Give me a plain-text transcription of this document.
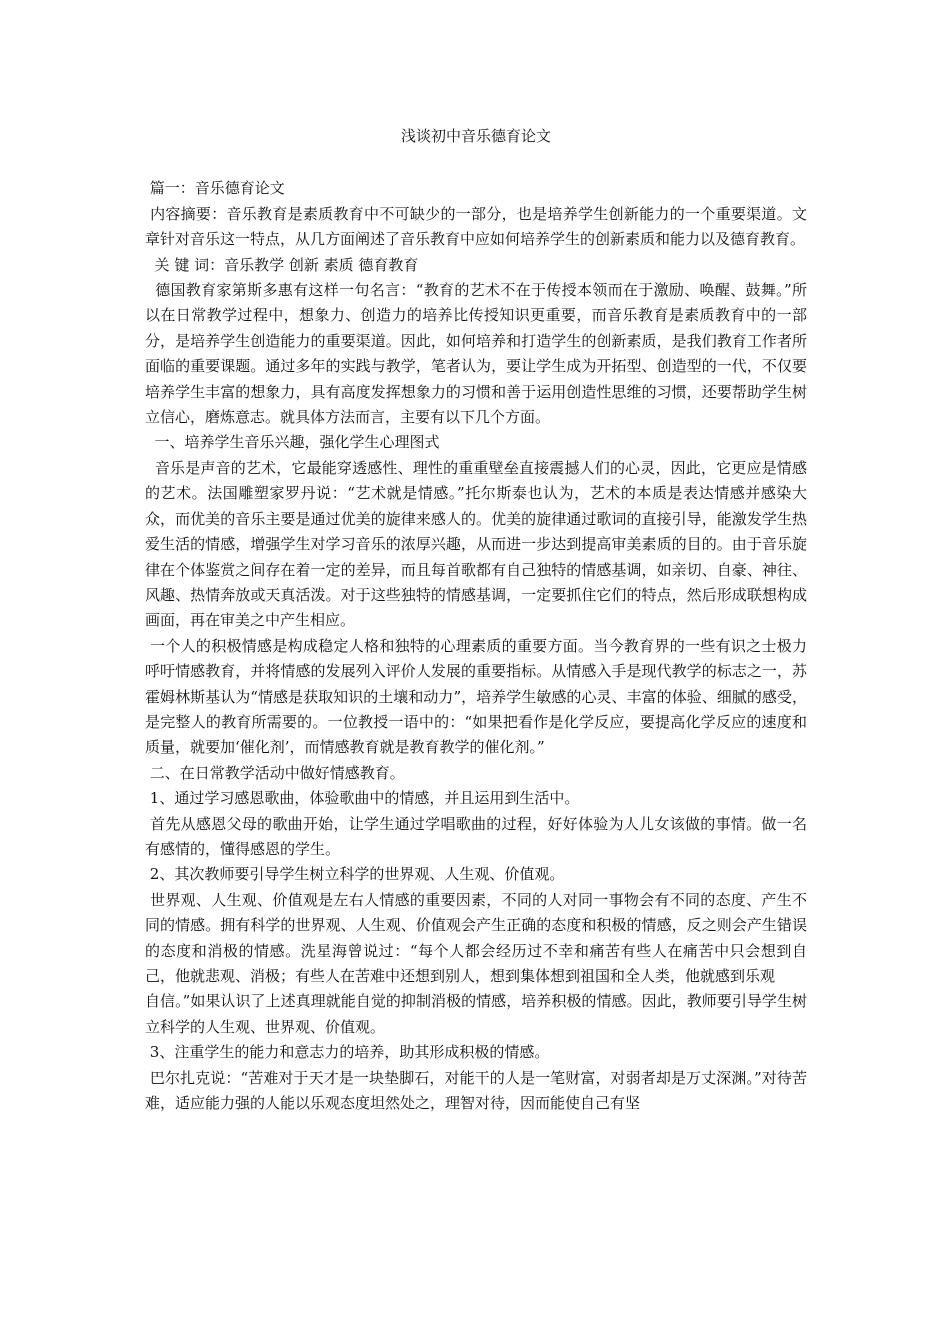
浅谈初中音乐德育论文

篇一：音乐德育论文

内容摘要：音乐教育是素质教育中不可缺少的一部分，也是培养学生创新能力的一个重要渠道。文章针对音乐这一特点，从几方面阐述了音乐教育中应如何培养学生的创新素质和能力以及德育教育。

关 键 词：音乐教学 创新 素质 德育教育

德国教育家第斯多惠有这样一句名言：“教育的艺术不在于传授本领而在于激励、唤醒、鼓舞。”所以在日常教学过程中，想象力、创造力的培养比传授知识更重要，而音乐教育是素质教育中的一部分，是培养学生创造能力的重要渠道。因此，如何培养和打造学生的创新素质，是我们教育工作者所面临的重要课题。通过多年的实践与教学，笔者认为，要让学生成为开拓型、创造型的一代，不仅要培养学生丰富的想象力，具有高度发挥想象力的习惯和善于运用创造性思维的习惯，还要帮助学生树立信心，磨炼意志。就具体方法而言，主要有以下几个方面。

一、培养学生音乐兴趣，强化学生心理图式

音乐是声音的艺术，它最能穿透感性、理性的重重壁垒直接震撼人们的心灵，因此，它更应是情感的艺术。法国雕塑家罗丹说：“艺术就是情感。”托尔斯泰也认为，艺术的本质是表达情感并感染大众，而优美的音乐主要是通过优美的旋律来感人的。优美的旋律通过歌词的直接引导，能激发学生热爱生活的情感，增强学生对学习音乐的浓厚兴趣，从而进一步达到提高审美素质的目的。由于音乐旋律在个体鉴赏之间存在着一定的差异，而且每首歌都有自己独特的情感基调，如亲切、自豪、神往、风趣、热情奔放或天真活泼。对于这些独特的情感基调，一定要抓住它们的特点，然后形成联想构成画面，再在审美之中产生相应。

一个人的积极情感是构成稳定人格和独特的心理素质的重要方面。当今教育界的一些有识之士极力呼吁情感教育，并将情感的发展列入评价人发展的重要指标。从情感入手是现代教学的标志之一，苏霍姆林斯基认为“情感是获取知识的土壤和动力”，培养学生敏感的心灵、丰富的体验、细腻的感受，是完整人的教育所需要的。一位教授一语中的：“如果把看作是化学反应，要提高化学反应的速度和质量，就要加‘催化剂’，而情感教育就是教育教学的催化剂。”

二、在日常教学活动中做好情感教育。

1、通过学习感恩歌曲，体验歌曲中的情感，并且运用到生活中。

首先从感恩父母的歌曲开始，让学生通过学唱歌曲的过程，好好体验为人儿女该做的事情。做一名有感情的，懂得感恩的学生。

2、其次教师要引导学生树立科学的世界观、人生观、价值观。

世界观、人生观、价值观是左右人情感的重要因素，不同的人对同一事物会有不同的态度、产生不同的情感。拥有科学的世界观、人生观、价值观会产生正确的态度和积极的情感，反之则会产生错误的态度和消极的情感。洗星海曾说过：“每个人都会经历过不幸和痛苦有些人在痛苦中只会想到自己，他就悲观、消极；有些人在苦难中还想到别人，想到集体想到祖国和全人类，他就感到乐观

自信。”如果认识了上述真理就能自觉的抑制消极的情感，培养积极的情感。因此，教师要引导学生树立科学的人生观、世界观、价值观。

3、注重学生的能力和意志力的培养，助其形成积极的情感。

巴尔扎克说：“苦难对于天才是一块垫脚石，对能干的人是一笔财富，对弱者却是万丈深渊。”对待苦难，适应能力强的人能以乐观态度坦然处之，理智对待，因而能使自己有坚
